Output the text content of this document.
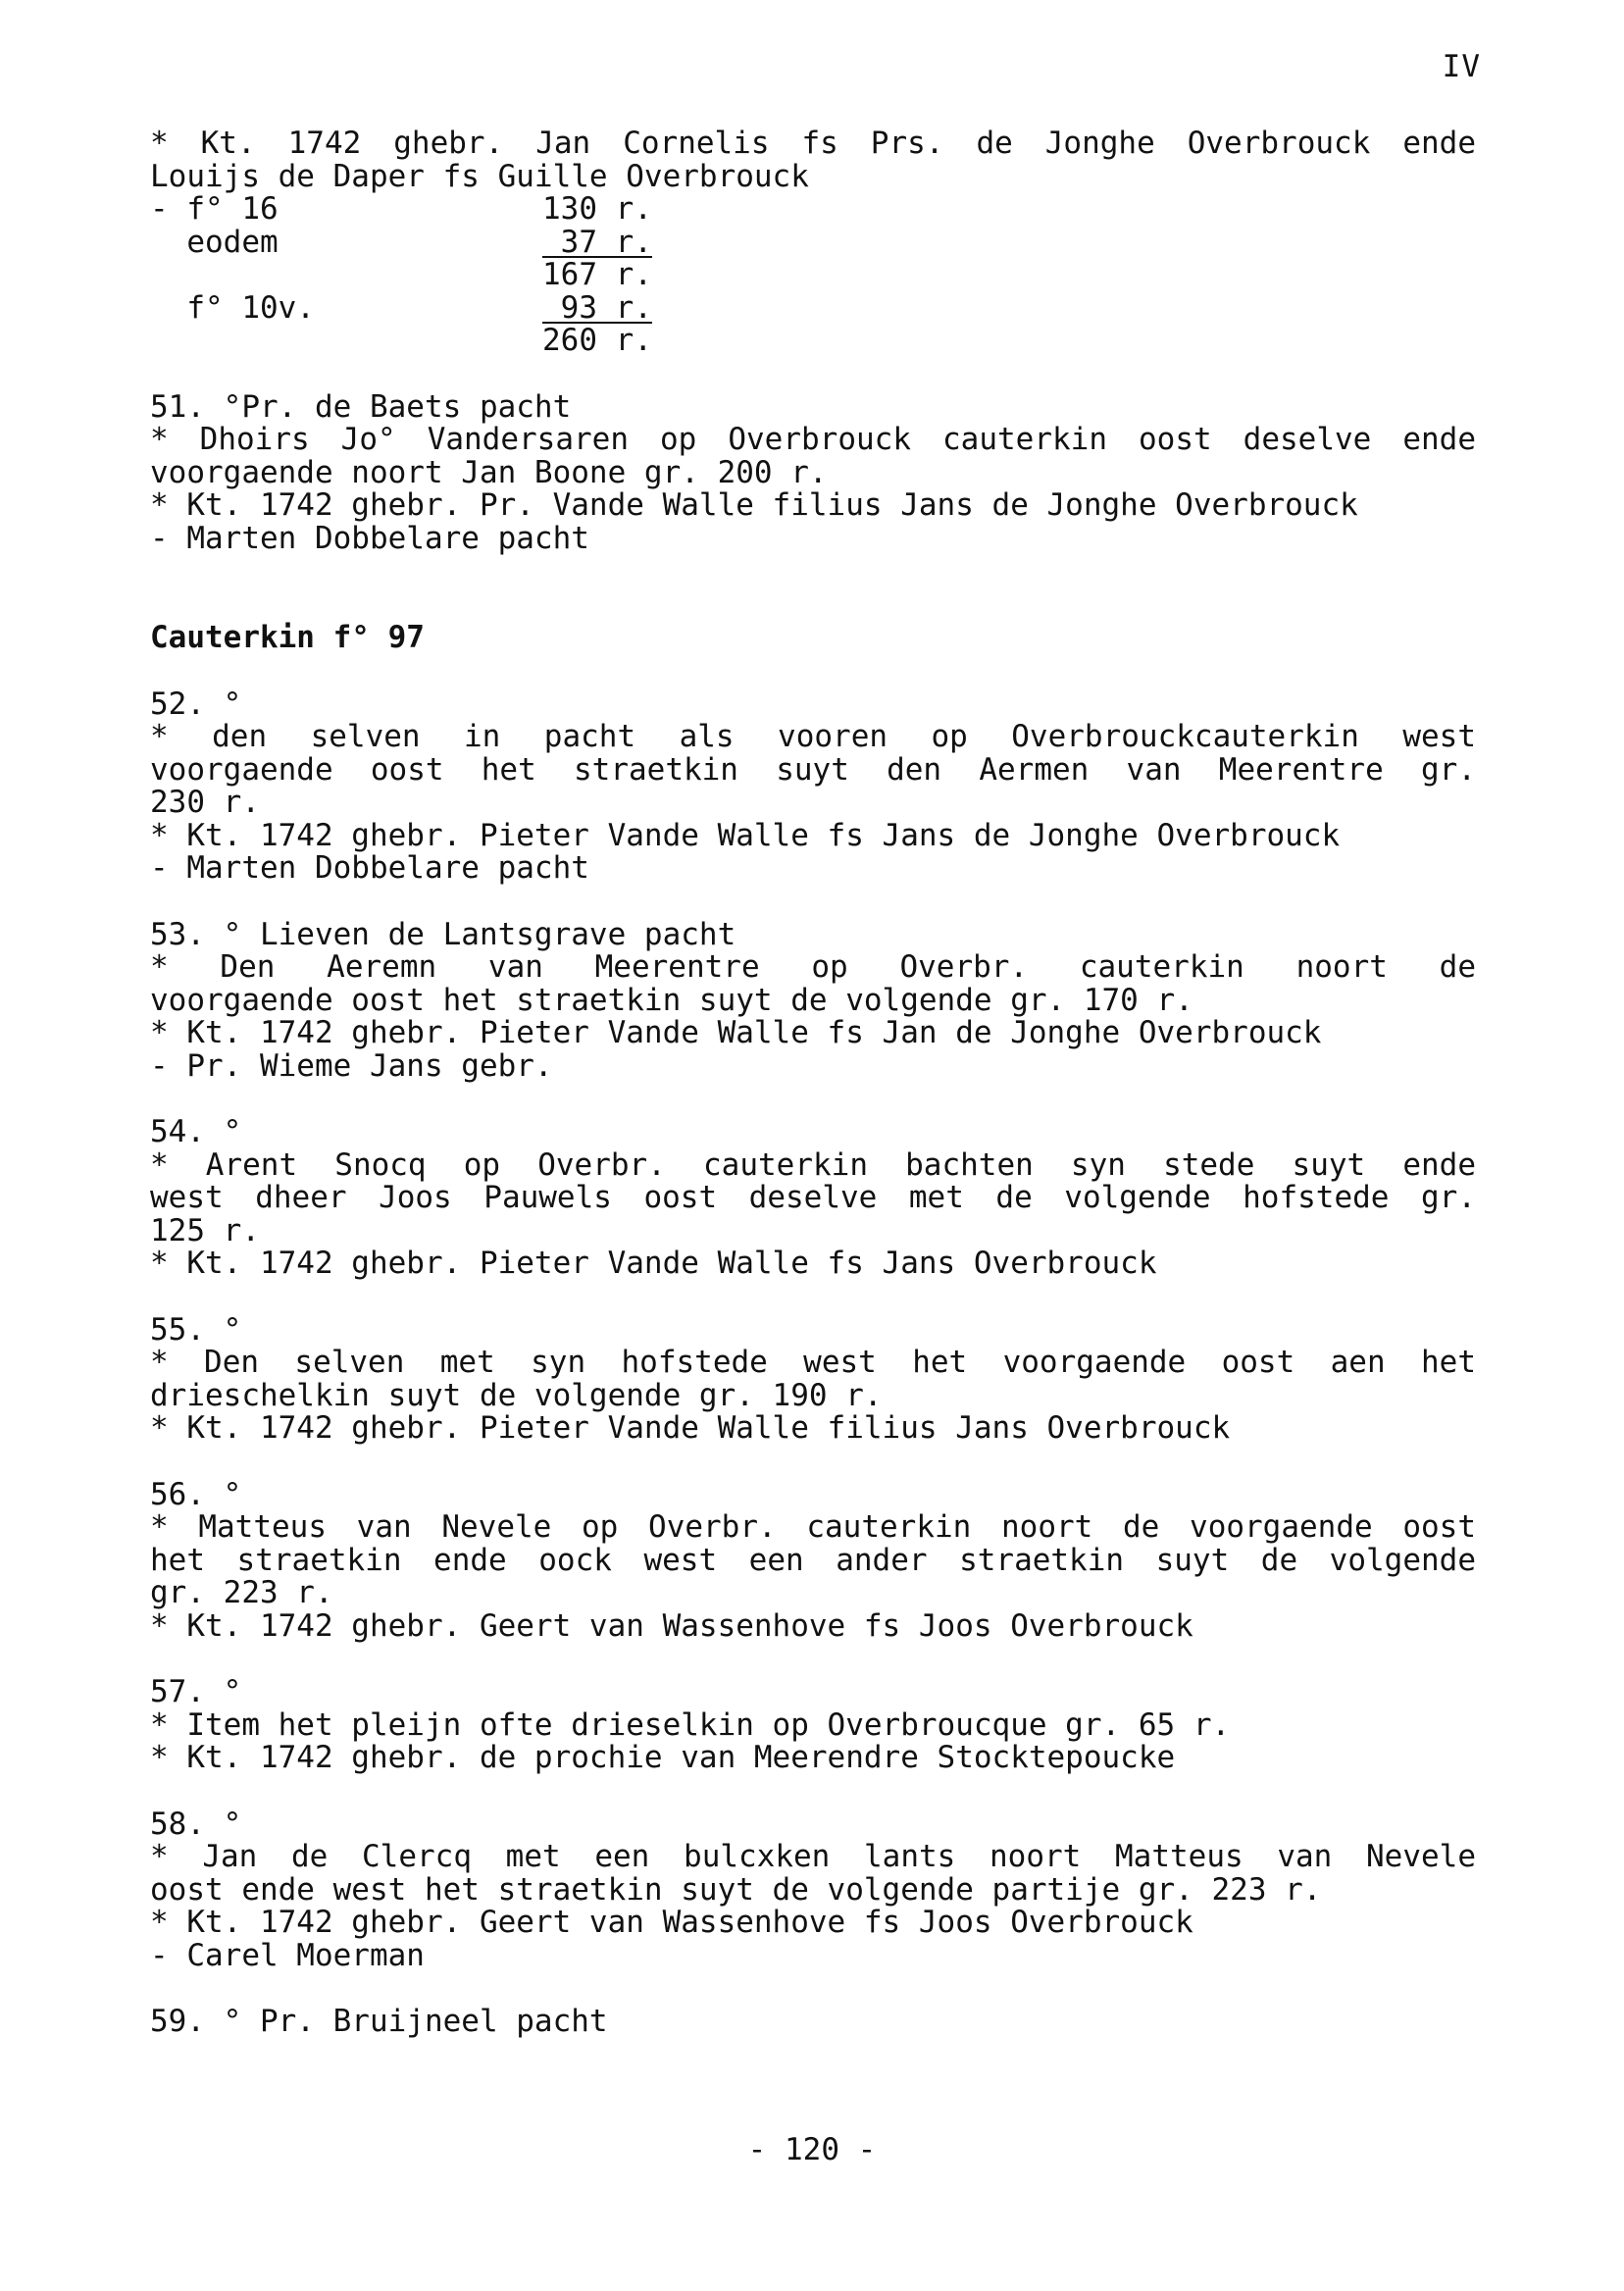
IV
* Kt. 1742 ghebr. Jan Cornelis fs Prs. de Jonghe Overbrouck ende
Louijs de Daper fs Guille Overbrouck
- f° 16	130 r.
eodem	37 r.
167 r.
f° 10v.	93 r.
260 r.
51. °Pr. de Baets pacht
* Dhoirs Jo° Vandersaren op Overbrouck cauterkin oost deselve ende
voorgaende noort Jan Boone gr. 200 r.
* Kt. 1742 ghebr. Pr. Vande Walle filius Jans de Jonghe Overbrouck
- Marten Dobbelare pacht
Cauterkin f° 97
52. °
* den selven in pacht als vooren op Overbrouckcauterkin west
voorgaende oost het straetkin suyt den Aermen van Meerentre gr.
230 r.
* Kt. 1742 ghebr. Pieter Vande Walle fs Jans de Jonghe Overbrouck
- Marten Dobbelare pacht
53. ° Lieven de Lantsgrave pacht
* Den Aeremn van Meerentre op Overbr. cauterkin noort de
voorgaende oost het straetkin suyt de volgende gr. 170 r.
* Kt. 1742 ghebr. Pieter Vande Walle fs Jan de Jonghe Overbrouck
- Pr. Wieme Jans gebr.
54. °
* Arent Snocq op Overbr. cauterkin bachten syn stede suyt ende
west dheer Joos Pauwels oost deselve met de volgende hofstede gr.
125 r.
* Kt. 1742 ghebr. Pieter Vande Walle fs Jans Overbrouck
55. °
* Den selven met syn hofstede west het voorgaende oost aen het
drieschelkin suyt de volgende gr. 190 r.
* Kt. 1742 ghebr. Pieter Vande Walle filius Jans Overbrouck
56. °
* Matteus van Nevele op Overbr. cauterkin noort de voorgaende oost
het straetkin ende oock west een ander straetkin suyt de volgende
gr. 223 r.
* Kt. 1742 ghebr. Geert van Wassenhove fs Joos Overbrouck
57. °
* Item het pleijn ofte drieselkin op Overbroucque gr. 65 r.
* Kt. 1742 ghebr. de prochie van Meerendre Stocktepoucke
58. °
* Jan de Clercq met een bulcxken lants noort Matteus van Nevele
oost ende west het straetkin suyt de volgende partije gr. 223 r.
* Kt. 1742 ghebr. Geert van Wassenhove fs Joos Overbrouck
- Carel Moerman
59. ° Pr. Bruijneel pacht
- 120 -
